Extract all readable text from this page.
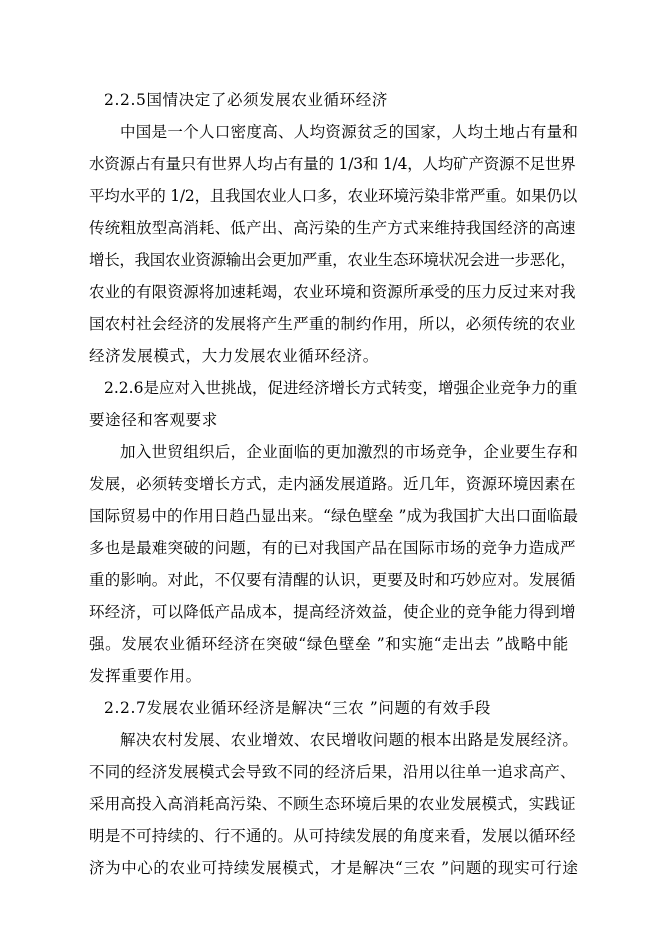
2.2.5国情决定了必须发展农业循环经济
中国是一个人口密度高、人均资源贫乏的国家，人均土地占有量和
水资源占有量只有世界人均占有量的 1/3和 1/4，人均矿产资源不足世界
平均水平的 1/2，且我国农业人口多，农业环境污染非常严重。如果仍以
传统粗放型高消耗、低产出、高污染的生产方式来维持我国经济的高速
增长，我国农业资源输出会更加严重，农业生态环境状况会进一步恶化，
农业的有限资源将加速耗竭，农业环境和资源所承受的压力反过来对我
国农村社会经济的发展将产生严重的制约作用，所以，必须传统的农业
经济发展模式，大力发展农业循环经济。
2.2.6是应对入世挑战，促进经济增长方式转变，增强企业竞争力的重
要途径和客观要求
加入世贸组织后，企业面临的更加激烈的市场竞争，企业要生存和
发展，必须转变增长方式，走内涵发展道路。近几年，资源环境因素在
国际贸易中的作用日趋凸显出来。“绿色壁垒 ”成为我国扩大出口面临最
多也是最难突破的问题，有的已对我国产品在国际市场的竞争力造成严
重的影响。对此，不仅要有清醒的认识，更要及时和巧妙应对。发展循
环经济，可以降低产品成本，提高经济效益，使企业的竞争能力得到增
强。发展农业循环经济在突破“绿色壁垒 ”和实施“走出去 ”战略中能
发挥重要作用。
2.2.7发展农业循环经济是解决“三农 ”问题的有效手段
解决农村发展、农业增效、农民增收问题的根本出路是发展经济。
不同的经济发展模式会导致不同的经济后果，沿用以往单一追求高产、
采用高投入高消耗高污染、不顾生态环境后果的农业发展模式，实践证
明是不可持续的、行不通的。从可持续发展的角度来看，发展以循环经
济为中心的农业可持续发展模式，才是解决“三农 ”问题的现实可行途
